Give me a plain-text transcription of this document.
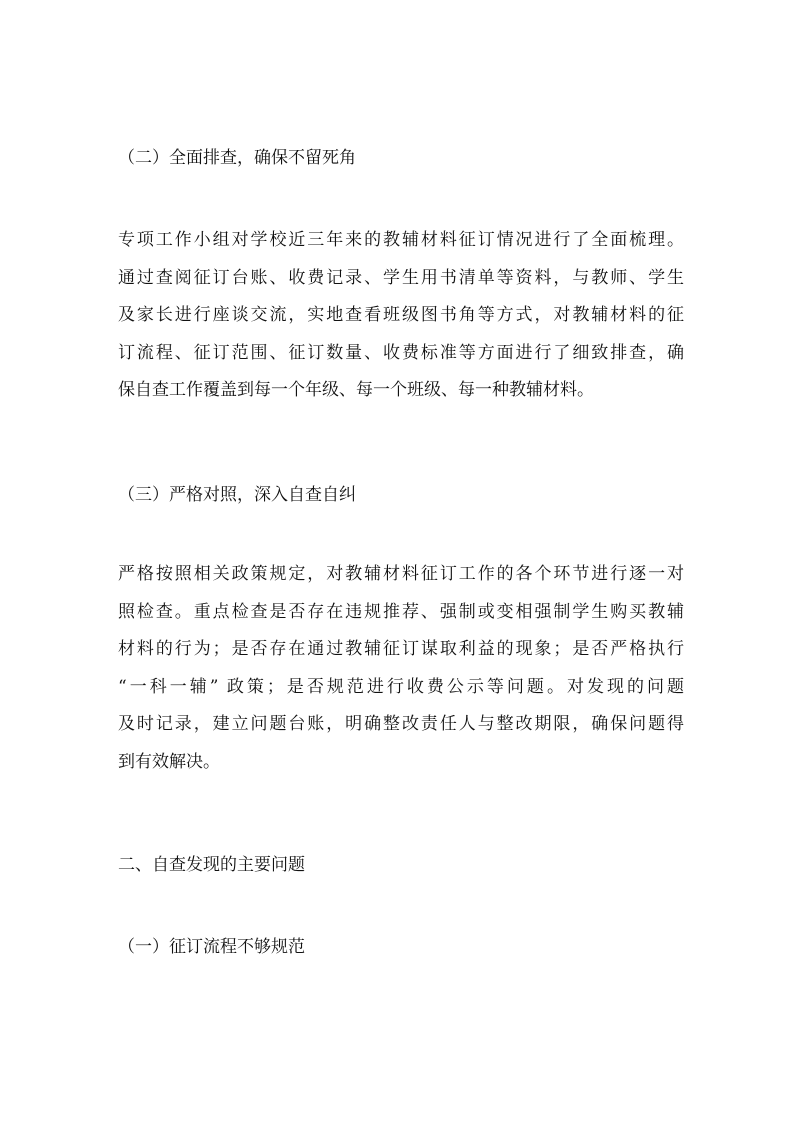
（二）全面排查，确保不留死角
专项工作小组对学校近三年来的教辅材料征订情况进行了全面梳理。
通过查阅征订台账、收费记录、学生用书清单等资料，与教师、学生
及家长进行座谈交流，实地查看班级图书角等方式，对教辅材料的征
订流程、征订范围、征订数量、收费标准等方面进行了细致排查，确
保自查工作覆盖到每一个年级、每一个班级、每一种教辅材料。
（三）严格对照，深入自查自纠
严格按照相关政策规定，对教辅材料征订工作的各个环节进行逐一对
照检查。重点检查是否存在违规推荐、强制或变相强制学生购买教辅
材料的行为；是否存在通过教辅征订谋取利益的现象；是否严格执行
“一科一辅” 政策；是否规范进行收费公示等问题。对发现的问题
及时记录，建立问题台账，明确整改责任人与整改期限，确保问题得
到有效解决。
二、自查发现的主要问题
（一）征订流程不够规范
